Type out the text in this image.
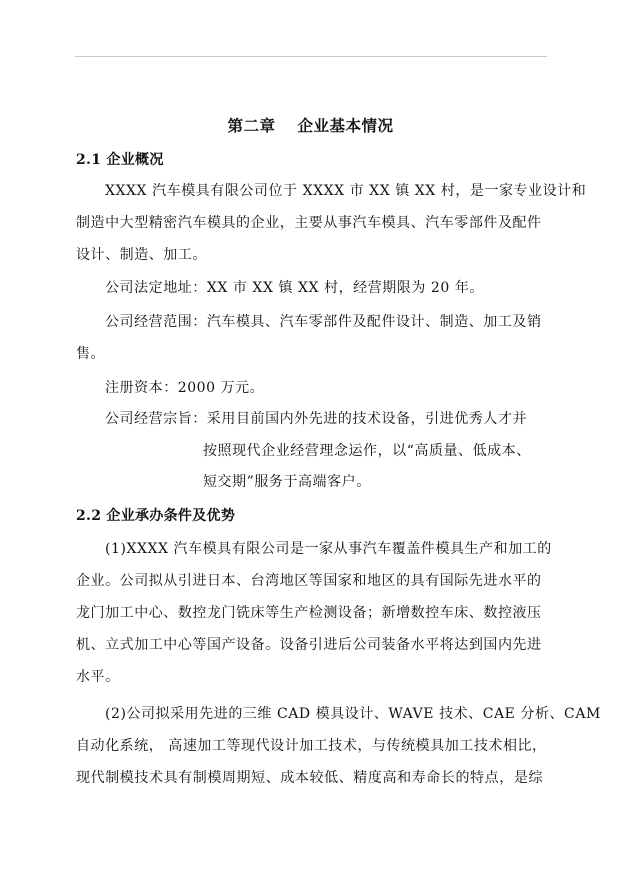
第二章 企业基本情况
2.1 企业概况
XXXX 汽车模具有限公司位于 XXXX 市 XX 镇 XX 村，是一家专业设计和
制造中大型精密汽车模具的企业，主要从事汽车模具、汽车零部件及配件
设计、制造、加工。
公司法定地址：XX 市 XX 镇 XX 村，经营期限为 20 年。
公司经营范围：汽车模具、汽车零部件及配件设计、制造、加工及销
售。
注册资本：2000 万元。
公司经营宗旨：采用目前国内外先进的技术设备，引进优秀人才并
按照现代企业经营理念运作，以“高质量、低成本、
短交期”服务于高端客户。
2.2 企业承办条件及优势
(1)XXXX 汽车模具有限公司是一家从事汽车覆盖件模具生产和加工的
企业。公司拟从引进日本、台湾地区等国家和地区的具有国际先进水平的
龙门加工中心、数控龙门铣床等生产检测设备；新增数控车床、数控液压
机、立式加工中心等国产设备。设备引进后公司装备水平将达到国内先进
水平。
(2)公司拟采用先进的三维 CAD 模具设计、WAVE 技术、CAE 分析、CAM
自动化系统， 高速加工等现代设计加工技术，与传统模具加工技术相比，
现代制模技术具有制模周期短、成本较低、精度高和寿命长的特点，是综
